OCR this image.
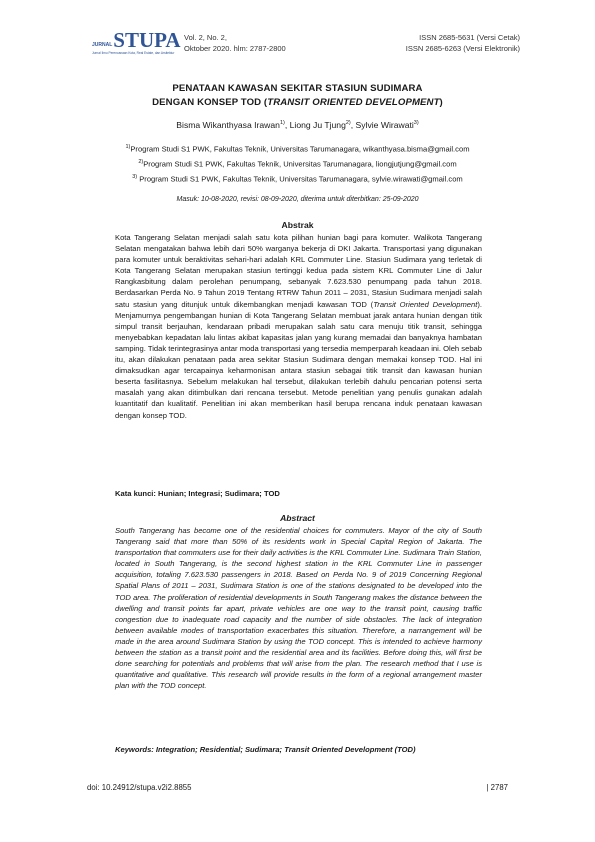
JURNAL STUPA
Jurnal Ilmu Perencanaan Kota, Real Estate, dan Arsitektur
Vol. 2, No. 2,
Oktober 2020. hlm: 2787-2800
ISSN 2685-5631 (Versi Cetak)
ISSN 2685-6263 (Versi Elektronik)
PENATAAN KAWASAN SEKITAR STASIUN SUDIMARA
DENGAN KONSEP TOD (TRANSIT ORIENTED DEVELOPMENT)
Bisma Wikanthyasa Irawan$^{1)}$, Liong Ju Tjung$^{2)}$, Sylvie Wirawati$^{3)}$
$^{1)}$Program Studi S1 PWK, Fakultas Teknik, Universitas Tarumanagara, wikanthyasa.bisma@gmail.com
$^{2)}$Program Studi S1 PWK, Fakultas Teknik, Universitas Tarumanagara, liongjutjung@gmail.com
$^{3)}$ Program Studi S1 PWK, Fakultas Teknik, Universitas Tarumanagara, sylvie.wirawati@gmail.com
Masuk: 10-08-2020, revisi: 08-09-2020, diterima untuk diterbitkan: 25-09-2020
Abstrak
Kota Tangerang Selatan menjadi salah satu kota pilihan hunian bagi para komuter. Walikota Tangerang Selatan mengatakan bahwa lebih dari 50% warganya bekerja di DKI Jakarta. Transportasi yang digunakan para komuter untuk beraktivitas sehari-hari adalah KRL Commuter Line. Stasiun Sudimara yang terletak di Kota Tangerang Selatan merupakan stasiun tertinggi kedua pada sistem KRL Commuter Line di Jalur Rangkasbitung dalam perolehan penumpang, sebanyak 7.623.530 penumpang pada tahun 2018. Berdasarkan Perda No. 9 Tahun 2019 Tentang RTRW Tahun 2011 – 2031, Stasiun Sudimara menjadi salah satu stasiun yang ditunjuk untuk dikembangkan menjadi kawasan TOD (Transit Oriented Development). Menjamurnya pengembangan hunian di Kota Tangerang Selatan membuat jarak antara hunian dengan titik simpul transit berjauhan, kendaraan pribadi merupakan salah satu cara menuju titik transit, sehingga menyebabkan kepadatan lalu lintas akibat kapasitas jalan yang kurang memadai dan banyaknya hambatan samping. Tidak terintegrasinya antar moda transportasi yang tersedia memperparah keadaan ini. Oleh sebab itu, akan dilakukan penataan pada area sekitar Stasiun Sudimara dengan memakai konsep TOD. Hal ini dimaksudkan agar tercapainya keharmonisan antara stasiun sebagai titik transit dan kawasan hunian beserta fasilitasnya. Sebelum melakukan hal tersebut, dilakukan terlebih dahulu pencarian potensi serta masalah yang akan ditimbulkan dari rencana tersebut. Metode penelitian yang penulis gunakan adalah kuantitatif dan kualitatif. Penelitian ini akan memberikan hasil berupa rencana induk penataan kawasan dengan konsep TOD.
Kata kunci: Hunian; Integrasi; Sudimara; TOD
Abstract
South Tangerang has become one of the residential choices for commuters. Mayor of the city of South Tangerang said that more than 50% of its residents work in Special Capital Region of Jakarta. The transportation that commuters use for their daily activities is the KRL Commuter Line. Sudimara Train Station, located in South Tangerang, is the second highest station in the KRL Commuter Line in passenger acquisition, totaling 7.623.530 passengers in 2018. Based on Perda No. 9 of 2019 Concerning Regional Spatial Plans of 2011 – 2031, Sudimara Station is one of the stations designated to be developed into the TOD area. The proliferation of residential developments in South Tangerang makes the distance between the dwelling and transit points far apart, private vehicles are one way to the transit point, causing traffic congestion due to inadequate road capacity and the number of side obstacles. The lack of integration between available modes of transportation exacerbates this situation. Therefore, a narrangement will be made in the area around Sudimara Station by using the TOD concept. This is intended to achieve harmony between the station as a transit point and the residential area and its facilities. Before doing this, will first be done searching for potentials and problems that will arise from the plan. The research method that I use is quantitative and qualitative. This research will provide results in the form of a regional arrangement master plan with the TOD concept.
Keywords: Integration; Residential; Sudimara; Transit Oriented Development (TOD)
doi: 10.24912/stupa.v2i2.8855	| 2787
